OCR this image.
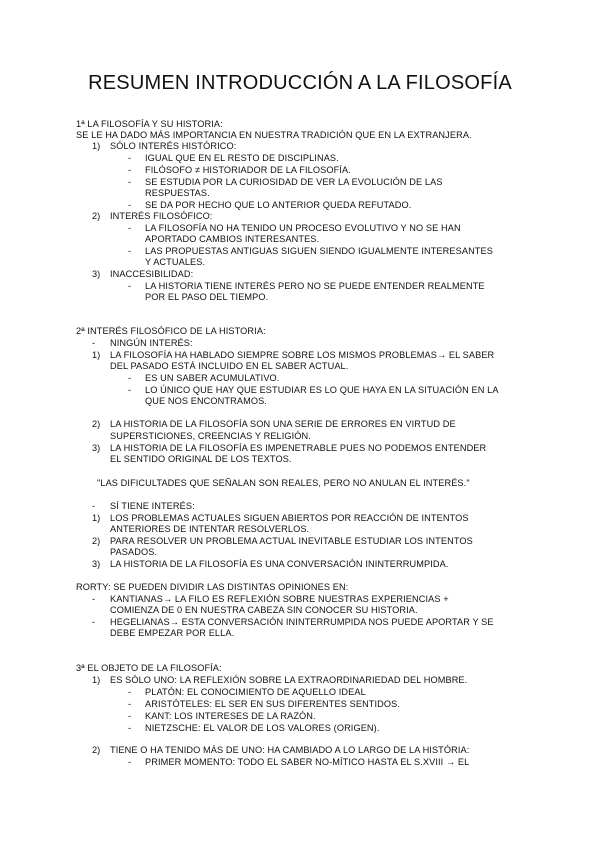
RESUMEN INTRODUCCIÓN A LA FILOSOFÍA
1ª LA FILOSOFÍA Y SU HISTORIA:
SE LE HA DADO MÁS IMPORTANCIA EN NUESTRA TRADICIÓN QUE EN LA EXTRANJERA.
1) SÓLO INTERÉS HISTÓRICO:
- IGUAL QUE EN EL RESTO DE DISCIPLINAS.
- FILÓSOFO ≠ HISTORIADOR DE LA FILOSOFÍA.
- SE ESTUDIA POR LA CURIOSIDAD DE VER LA EVOLUCIÓN DE LAS
RESPUESTAS.
- SE DA POR HECHO QUE LO ANTERIOR QUEDA REFUTADO.
2) INTERÉS FILOSÓFICO:
- LA FILOSOFÍA NO HA TENIDO UN PROCESO EVOLUTIVO Y NO SE HAN
APORTADO CAMBIOS INTERESANTES.
- LAS PROPUESTAS ANTIGUAS SIGUEN SIENDO IGUALMENTE INTERESANTES
Y ACTUALES.
3) INACCESIBILIDAD:
- LA HISTORIA TIENE INTERÉS PERO NO SE PUEDE ENTENDER REALMENTE
POR EL PASO DEL TIEMPO.
2ª INTERÉS FILOSÓFICO DE LA HISTORIA:
- NINGÚN INTERÉS:
1) LA FILOSOFÍA HA HABLADO SIEMPRE SOBRE LOS MISMOS PROBLEMAS→ EL SABER
DEL PASADO ESTÁ INCLUIDO EN EL SABER ACTUAL.
- ES UN SABER ACUMULATIVO.
- LO ÚNICO QUE HAY QUE ESTUDIAR ES LO QUE HAYA EN LA SITUACIÓN EN LA
QUE NOS ENCONTRAMOS.
2) LA HISTORIA DE LA FILOSOFÍA SON UNA SERIE DE ERRORES EN VIRTUD DE
SUPERSTICIONES, CREENCIAS Y RELIGIÓN.
3) LA HISTORIA DE LA FILOSOFÍA ES IMPENETRABLE PUES NO PODEMOS ENTENDER
EL SENTIDO ORIGINAL DE LOS TEXTOS.
"LAS DIFICULTADES QUE SEÑALAN SON REALES, PERO NO ANULAN EL INTERÉS."
- SÍ TIENE INTERÉS:
1) LOS PROBLEMAS ACTUALES SIGUEN ABIERTOS POR REACCIÓN DE INTENTOS
ANTERIORES DE INTENTAR RESOLVERLOS.
2) PARA RESOLVER UN PROBLEMA ACTUAL INEVITABLE ESTUDIAR LOS INTENTOS
PASADOS.
3) LA HISTORIA DE LA FILOSOFÍA ES UNA CONVERSACIÓN ININTERRUMPIDA.
RORTY: SE PUEDEN DIVIDIR LAS DISTINTAS OPINIONES EN:
- KANTIANAS→ LA FILO ES REFLEXIÓN SOBRE NUESTRAS EXPERIENCIAS +
COMIENZA DE 0 EN NUESTRA CABEZA SIN CONOCER SU HISTORIA.
- HEGELIANAS→ ESTA CONVERSACIÓN ININTERRUMPIDA NOS PUEDE APORTAR Y SE
DEBE EMPEZAR POR ELLA.
3ª EL OBJETO DE LA FILOSOFÍA:
1) ES SÓLO UNO: LA REFLEXIÓN SOBRE LA EXTRAORDINARIEDAD DEL HOMBRE.
- PLATÓN: EL CONOCIMIENTO DE AQUELLO IDEAL
- ARISTÓTELES: EL SER EN SUS DIFERENTES SENTIDOS.
- KANT: LOS INTERESES DE LA RAZÓN.
- NIETZSCHE: EL VALOR DE LOS VALORES (ORIGEN).
2) TIENE O HA TENIDO MÁS DE UNO: HA CAMBIADO A LO LARGO DE LA HISTÓRIA:
- PRIMER MOMENTO: TODO EL SABER NO-MÍTICO HASTA EL S.XVIII → EL
